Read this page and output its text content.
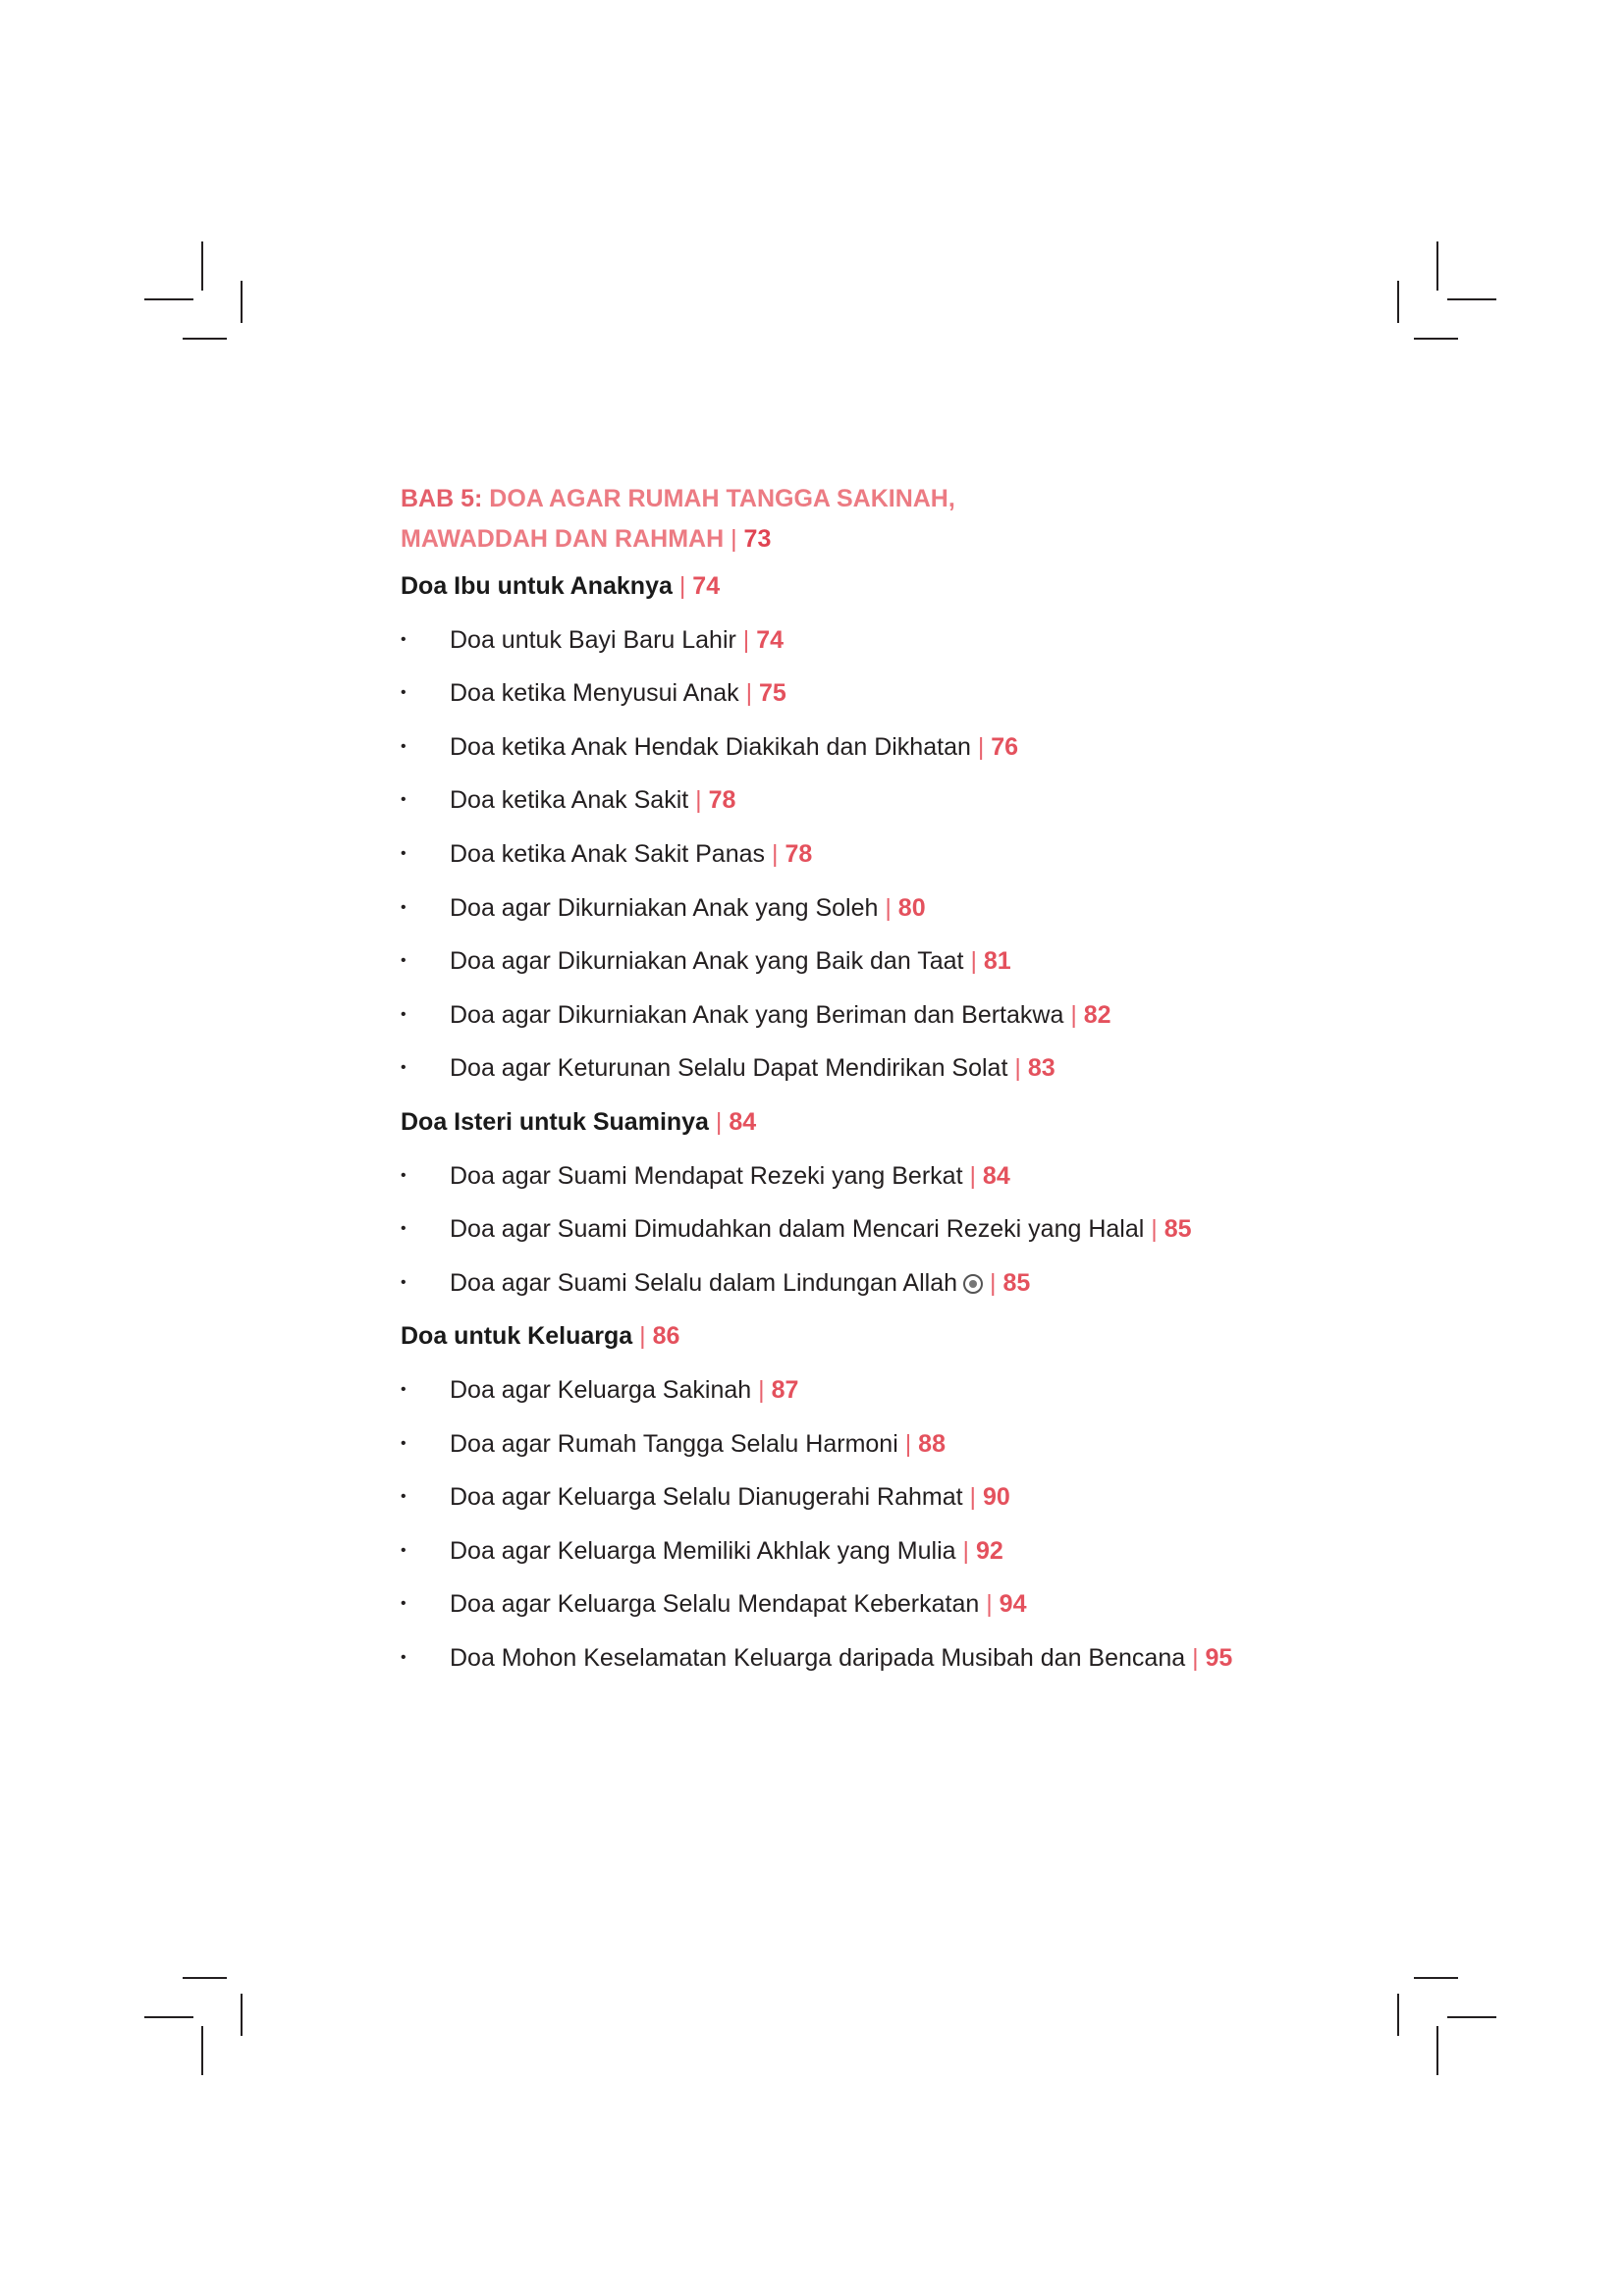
BAB 5: DOA AGAR RUMAH TANGGA SAKINAH,
MAWADDAH DAN RAHMAH | 73
Doa Ibu untuk Anaknya | 74
•	Doa untuk Bayi Baru Lahir | 74
•	Doa ketika Menyusui Anak | 75
•	Doa ketika Anak Hendak Diakikah dan Dikhatan | 76
•	Doa ketika Anak Sakit | 78
•	Doa ketika Anak Sakit Panas | 78
•	Doa agar Dikurniakan Anak yang Soleh | 80
•	Doa agar Dikurniakan Anak yang Baik dan Taat | 81
•	Doa agar Dikurniakan Anak yang Beriman dan Bertakwa | 82
•	Doa agar Keturunan Selalu Dapat Mendirikan Solat | 83
Doa Isteri untuk Suaminya | 84
•	Doa agar Suami Mendapat Rezeki yang Berkat | 84
•	Doa agar Suami Dimudahkan dalam Mencari Rezeki yang Halal | 85
•	Doa agar Suami Selalu dalam Lindungan Allah | 85
Doa untuk Keluarga | 86
•	Doa agar Keluarga Sakinah | 87
•	Doa agar Rumah Tangga Selalu Harmoni | 88
•	Doa agar Keluarga Selalu Dianugerahi Rahmat | 90
•	Doa agar Keluarga Memiliki Akhlak yang Mulia | 92
•	Doa agar Keluarga Selalu Mendapat Keberkatan | 94
•	Doa Mohon Keselamatan Keluarga daripada Musibah dan Bencana | 95
